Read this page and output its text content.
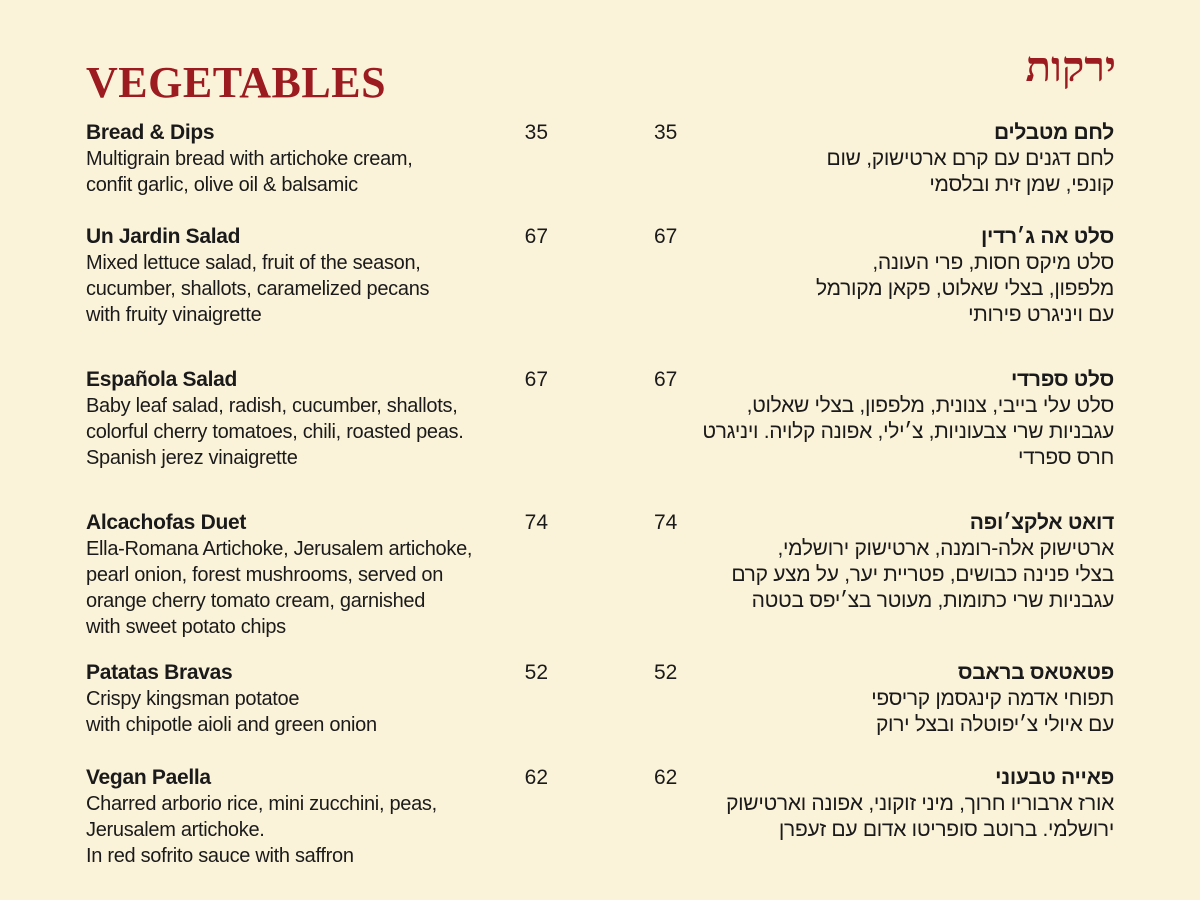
VEGETABLES	ירקות
Bread & Dips	35
Multigrain bread with artichoke cream,
confit garlic, olive oil & balsamic
Un Jardin Salad	67
Mixed lettuce salad, fruit of the season,
cucumber, shallots, caramelized pecans
with fruity vinaigrette
Española Salad	67
Baby leaf salad, radish, cucumber, shallots,
colorful cherry tomatoes, chili, roasted peas.
Spanish jerez vinaigrette
Alcachofas Duet	74
Ella-Romana Artichoke, Jerusalem artichoke,
pearl onion, forest mushrooms, served on
orange cherry tomato cream, garnished
with sweet potato chips
Patatas Bravas	52
Crispy kingsman potatoe
with chipotle aioli and green onion
Vegan Paella	62
Charred arborio rice, mini zucchini, peas,
Jerusalem artichoke.
In red sofrito sauce with saffron
לחם מטבלים
35
לחם דגנים עם קרם ארטישוק, שום
קונפי, שמן זית ובלסמי
סלט אה ג׳רדין
67
סלט מיקס חסות, פרי העונה,
מלפפון, בצלי שאלוט, פקאן מקורמל
עם ויניגרט פירותי
סלט ספרדי
67
סלט עלי בייבי, צנונית, מלפפון, בצלי שאלוט,
עגבניות שרי צבעוניות, צ׳ילי, אפונה קלויה. ויניגרט
חרס ספרדי
דואט אלקצ׳ופה
74
ארטישוק אלה-רומנה, ארטישוק ירושלמי,
בצלי פנינה כבושים, פטריית יער, על מצע קרם
עגבניות שרי כתומות, מעוטר בצ׳יפס בטטה
פטאטאס בראבס
52
תפוחי אדמה קינגסמן קריספי
עם איולי צ׳יפוטלה ובצל ירוק
פאייה טבעוני
62
אורז ארבוריו חרוך, מיני זוקוני, אפונה וארטישוק
ירושלמי. ברוטב סופריטו אדום עם זעפרן
